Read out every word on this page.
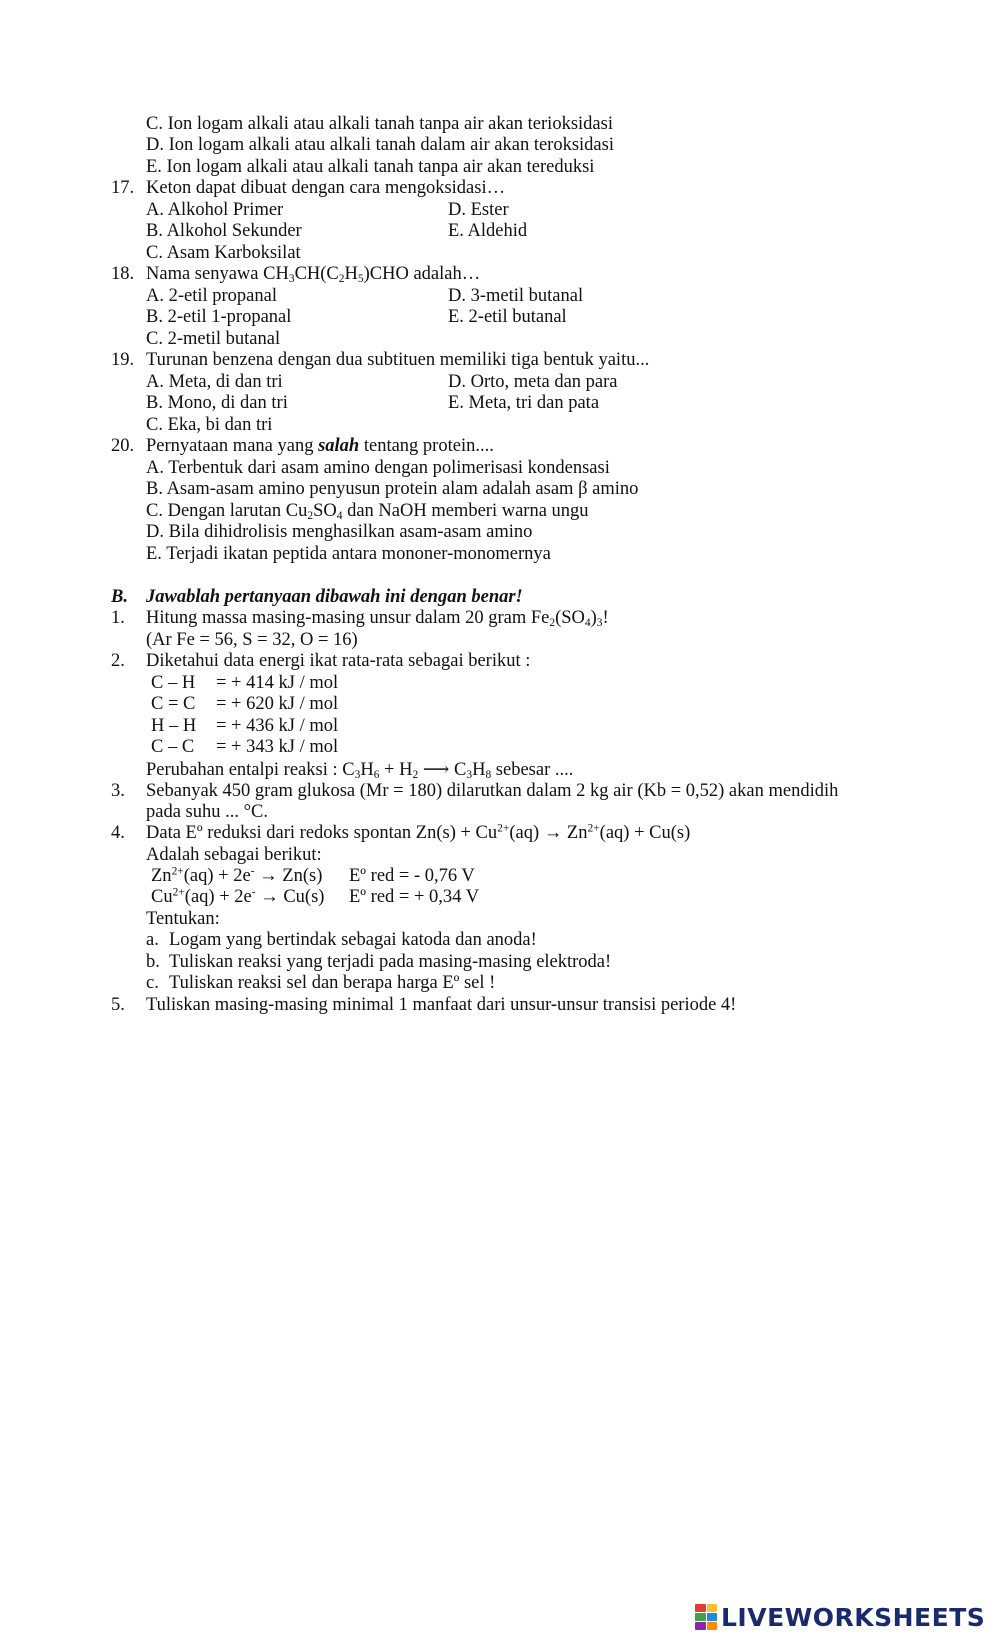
C. Ion logam alkali atau alkali tanah tanpa air akan terioksidasi
D. Ion logam alkali atau alkali tanah dalam air akan teroksidasi
E. Ion logam alkali atau alkali tanah tanpa air akan tereduksi
17. Keton dapat dibuat dengan cara mengoksidasi…
A. Alkohol Primer	D. Ester
B. Alkohol Sekunder	E. Aldehid
C. Asam Karboksilat
18. Nama senyawa $CH_3CH(C_2H_5)CHO$ adalah…
A. 2-etil propanal	D. 3-metil butanal
B. 2-etil 1-propanal	E. 2-etil butanal
C. 2-metil butanal
19. Turunan benzena dengan dua subtituen memiliki tiga bentuk yaitu...
A. Meta, di dan tri	D. Orto, meta dan para
B. Mono, di dan tri	E. Meta, tri dan pata
C. Eka, bi dan tri
20. Pernyataan mana yang salah tentang protein....
A. Terbentuk dari asam amino dengan polimerisasi kondensasi
B. Asam-asam amino penyusun protein alam adalah asam β amino
C. Dengan larutan $Cu_2SO_4$ dan NaOH memberi warna ungu
D. Bila dihidrolisis menghasilkan asam-asam amino
E. Terjadi ikatan peptida antara mononer-monomernya
B. Jawablah pertanyaan dibawah ini dengan benar!
1. Hitung massa masing-masing unsur dalam 20 gram $Fe_2(SO_4)_3$!
(Ar Fe = 56, S = 32, O = 16)
2. Diketahui data energi ikat rata-rata sebagai berikut :
C – H = + 414 kJ / mol
C = C = + 620 kJ / mol
H – H = + 436 kJ / mol
C – C = + 343 kJ / mol
Perubahan entalpi reaksi : $C_3H_6 + H_2$ ⟶ $C_3H_8$ sebesar ....
3. Sebanyak 450 gram glukosa (Mr = 180) dilarutkan dalam 2 kg air (Kb = 0,52) akan mendidih
pada suhu ... °C.
4. Data Eº reduksi dari redoks spontan $Zn(s) + Cu^{2+}(aq) \to Zn^{2+}(aq) + Cu(s)$
Adalah sebagai berikut:
$Zn^{2+}(aq) + 2e^- \to Zn(s)$ Eº red = - 0,76 V
$Cu^{2+}(aq) + 2e^- \to Cu(s)$ Eº red = + 0,34 V
Tentukan:
a. Logam yang bertindak sebagai katoda dan anoda!
b. Tuliskan reaksi yang terjadi pada masing-masing elektroda!
c. Tuliskan reaksi sel dan berapa harga Eº sel !
5. Tuliskan masing-masing minimal 1 manfaat dari unsur-unsur transisi periode 4!
LIVEWORKSHEETS
